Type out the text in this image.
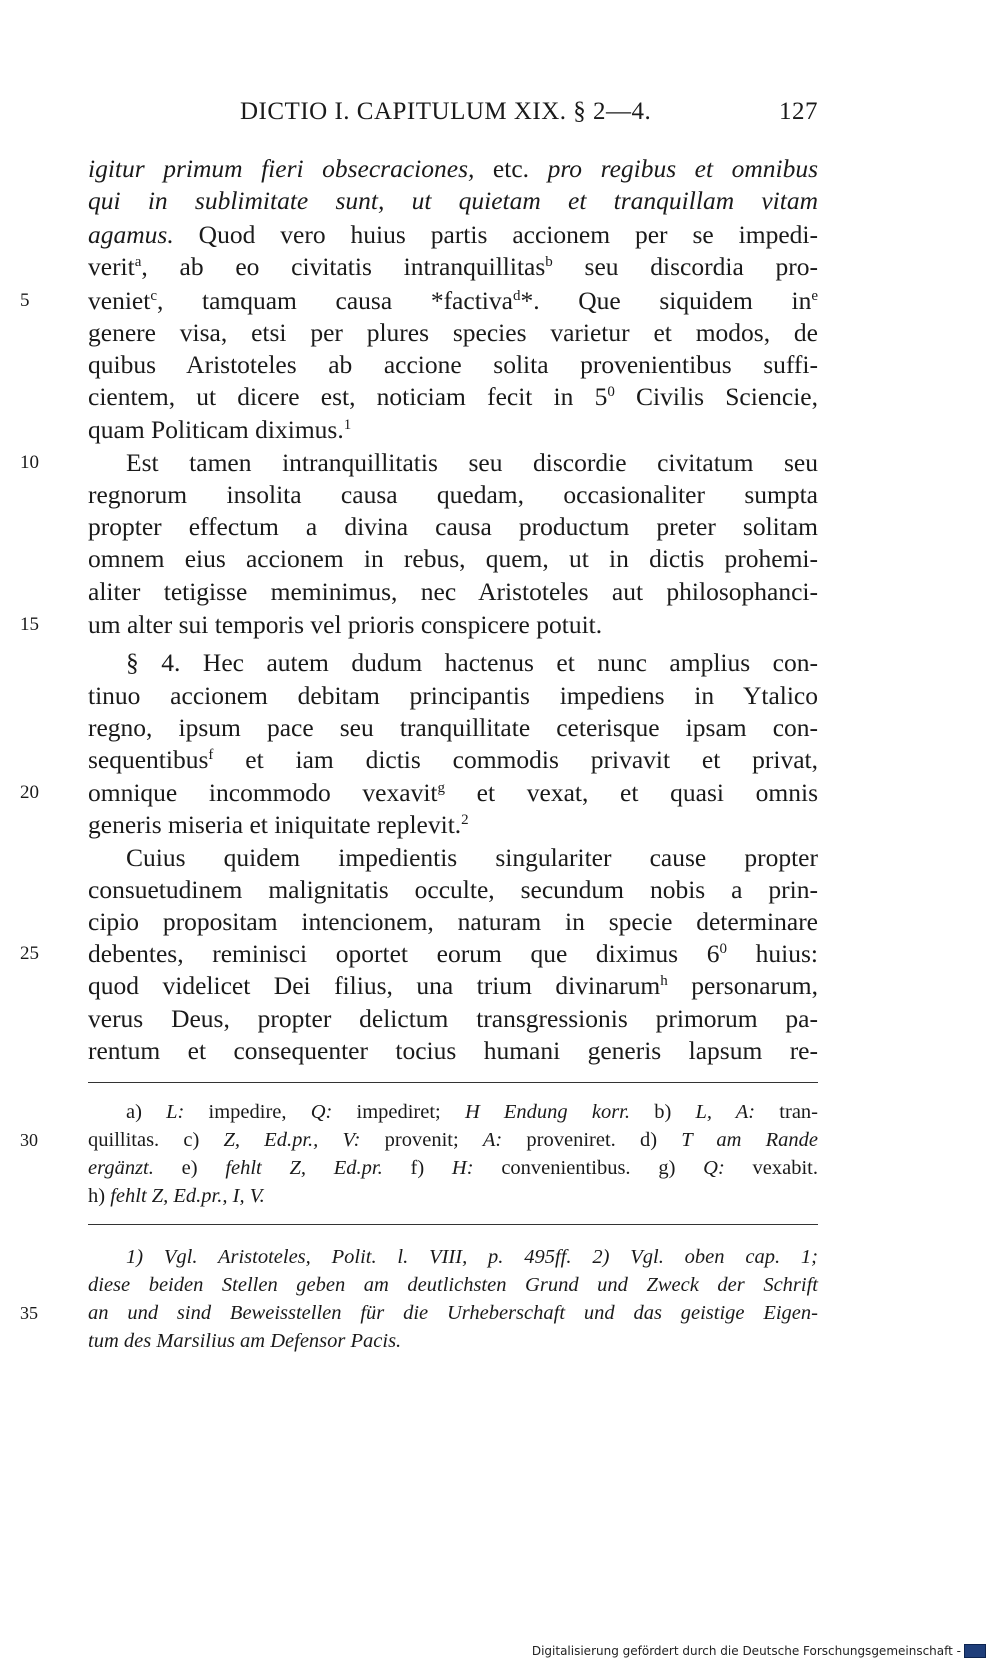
DICTIO I. CAPITULUM XIX. § 2—4.	127
igitur primum fieri obsecraciones, etc. pro regibus et omnibus
qui in sublimitate sunt, ut quietam et tranquillam vitam
agamus. Quod vero huius partis accionem per se impedi-
verit$^a$, ab eo civitatis intranquillitas$^b$ seu discordia pro-
5	veniet$^c$, tamquam causa *factiva$^d$*. Que siquidem $in^e$
genere visa, etsi per plures species varietur et modos, de
quibus Aristoteles ab accione solita provenientibus suffi-
cientem, ut dicere est, noticiam fecit in $5^0$ Civilis Sciencie,
quam Politicam diximus.$^1$
10	Est tamen intranquillitatis seu discordie civitatum seu
regnorum insolita causa quedam, occasionaliter sumpta
propter effectum a divina causa productum preter solitam
omnem eius accionem in rebus, quem, ut in dictis prohemi-
aliter tetigisse meminimus, nec Aristoteles aut philosophanci-
15	um alter sui temporis vel prioris conspicere potuit.
§ 4. Hec autem dudum hactenus et nunc amplius con-
tinuo accionem debitam principantis impediens in Ytalico
regno, ipsum pace seu tranquillitate ceterisque ipsam con-
sequentibus$^f$ et iam dictis commodis privavit et privat,
20	omnique incommodo vexavit$^g$ et vexat, et quasi omnis
generis miseria et iniquitate replevit.$^2$
Cuius quidem impedientis singulariter cause propter
consuetudinem malignitatis occulte, secundum nobis a prin-
cipio propositam intencionem, naturam in specie determinare
25	debentes, reminisci oportet eorum que diximus $6^0$ huius:
quod videlicet Dei filius, una trium divinarum$^h$ personarum,
verus Deus, propter delictum transgressionis primorum pa-
rentum et consequenter tocius humani generis lapsum re-
a) L: impedire, Q: impediret; H Endung korr. b) L, A: tran-
30	quillitas. c) Z, Ed.pr., V: provenit; A: proveniret. d) T am Rande
ergänzt. e) fehlt Z, Ed.pr. f) H: convenientibus. g) Q: vexabit.
h) fehlt Z, Ed.pr., I, V.
1) Vgl. Aristoteles, Polit. l. VIII, p. 495ff. 2) Vgl. oben cap. 1;
diese beiden Stellen geben am deutlichsten Grund und Zweck der Schrift
35	an und sind Beweisstellen für die Urheberschaft und das geistige Eigen-
tum des Marsilius am Defensor Pacis.
Digitalisierung gefördert durch die Deutsche Forschungsgemeinschaft -
